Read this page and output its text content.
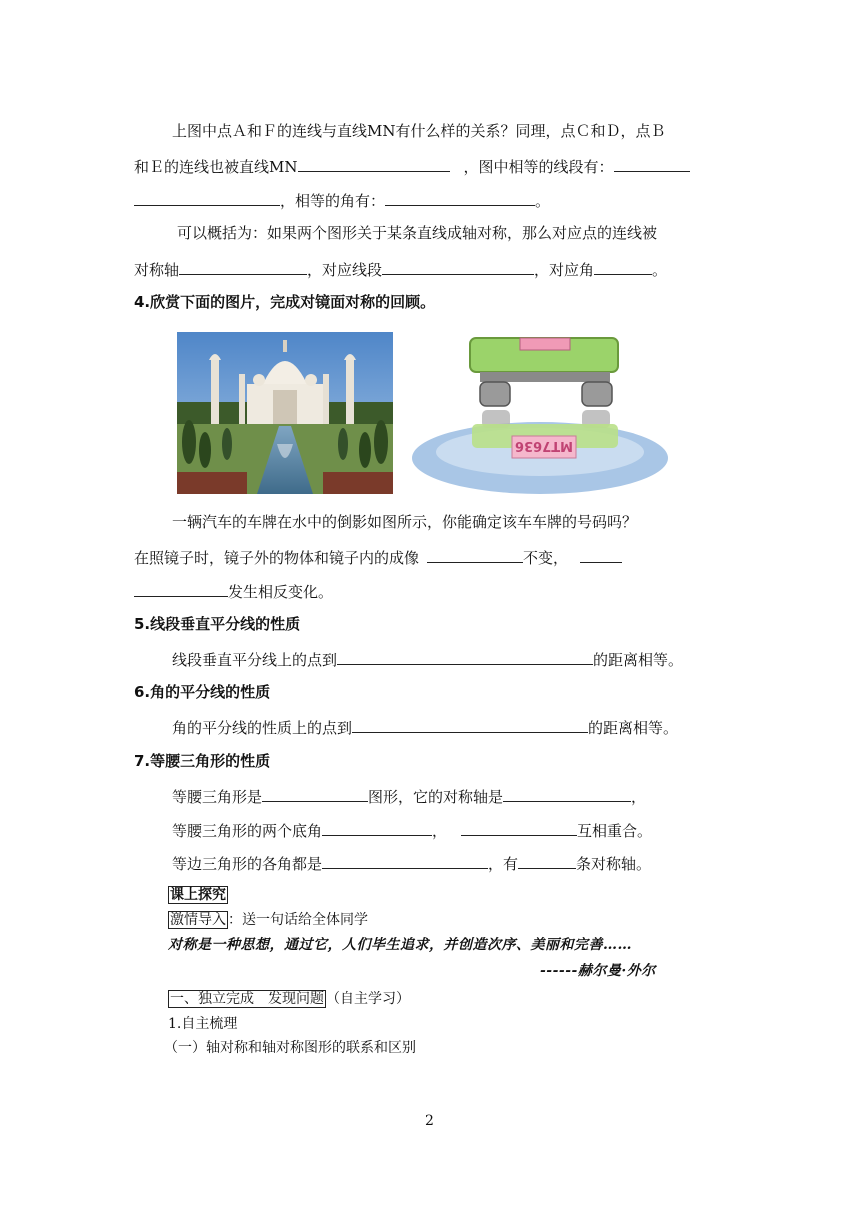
上图中点Ａ和Ｆ的连线与直线MN有什么样的关系？同理，点Ｃ和Ｄ，点Ｂ
和Ｅ的连线也被直线MN	，图中相等的线段有：
，相等的角有：	。
可以概括为：如果两个图形关于某条直线成轴对称，那么对应点的连线被
对称轴	，对应线段	，对应角	。
4.欣赏下面的图片，完成对镜面对称的回顾。
MT7636
一辆汽车的车牌在水中的倒影如图所示，你能确定该车车牌的号码吗？
在照镜子时，镜子外的物体和镜子内的成像	不变，
发生相反变化。
5.线段垂直平分线的性质
线段垂直平分线上的点到	的距离相等。
6.角的平分线的性质
角的平分线的性质上的点到	的距离相等。
7.等腰三角形的性质
等腰三角形是	图形，它的对称轴是	，
等腰三角形的两个底角	，	互相重合。
等边三角形的各角都是	，有	条对称轴。
课上探究
激情导入 ：送一句话给全体同学
对称是一种思想，通过它，人们毕生追求，并创造次序、美丽和完善……
------赫尔曼·外尔
一、独立完成　发现问题 （自主学习）
1.自主梳理
（一）轴对称和轴对称图形的联系和区别
2
